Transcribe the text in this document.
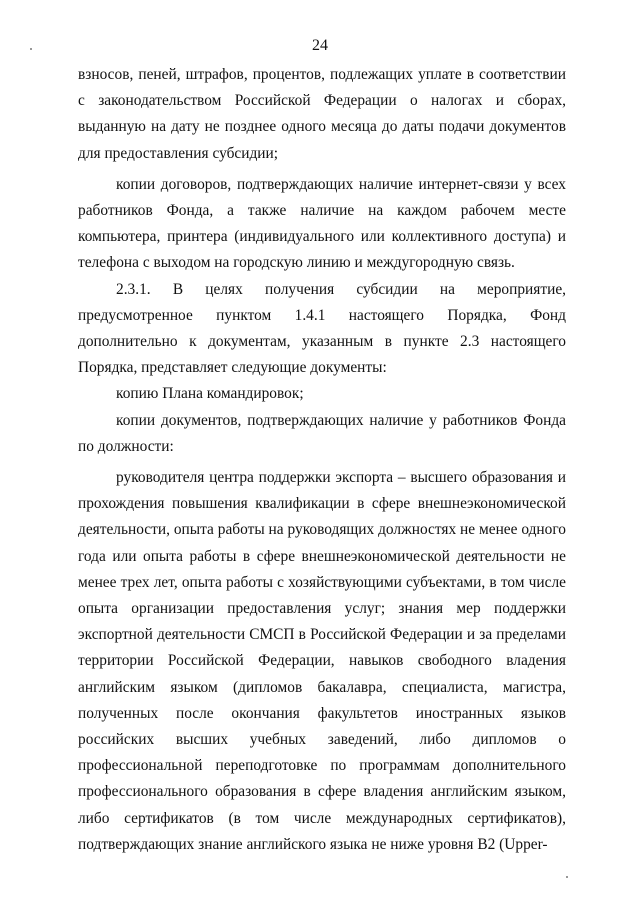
24

взносов, пеней, штрафов, процентов, подлежащих уплате в соответствии с законодательством Российской Федерации о налогах и сборах, выданную на дату не позднее одного месяца до даты подачи документов для предоставления субсидии;

копии договоров, подтверждающих наличие интернет-связи у всех работников Фонда, а также наличие на каждом рабочем месте компьютера, принтера (индивидуального или коллективного доступа) и телефона с выходом на городскую линию и междугородную связь.

2.3.1. В целях получения субсидии на мероприятие, предусмотренное пунктом 1.4.1 настоящего Порядка, Фонд дополнительно к документам, указанным в пункте 2.3 настоящего Порядка, представляет следующие документы:

копию Плана командировок;

копии документов, подтверждающих наличие у работников Фонда по должности:

руководителя центра поддержки экспорта – высшего образования и прохождения повышения квалификации в сфере внешнеэкономической деятельности, опыта работы на руководящих должностях не менее одного года или опыта работы в сфере внешнеэкономической деятельности не менее трех лет, опыта работы с хозяйствующими субъектами, в том числе опыта организации предоставления услуг; знания мер поддержки экспортной деятельности СМСП в Российской Федерации и за пределами территории Российской Федерации, навыков свободного владения английским языком (дипломов бакалавра, специалиста, магистра, полученных после окончания факультетов иностранных языков российских высших учебных заведений, либо дипломов о профессиональной переподготовке по программам дополнительного профессионального образования в сфере владения английским языком, либо сертификатов (в том числе международных сертификатов), подтверждающих знание английского языка не ниже уровня B2 (Upper-
